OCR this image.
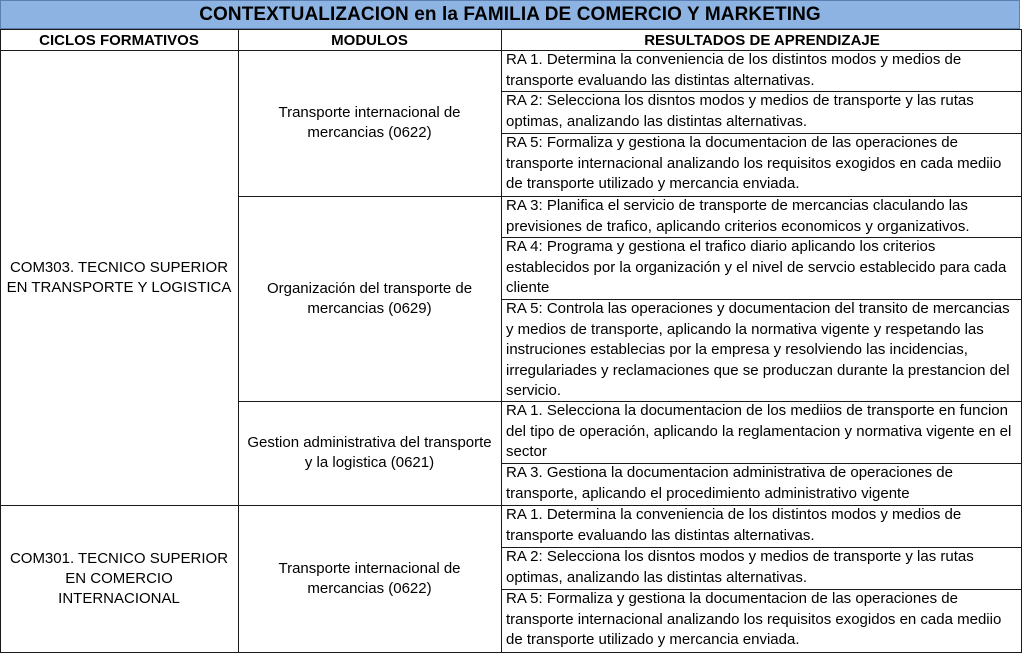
CONTEXTUALIZACION en la FAMILIA DE COMERCIO Y MARKETING
CICLOS FORMATIVOS	MODULOS	RESULTADOS DE APRENDIZAJE
COM303. TECNICO SUPERIOR EN TRANSPORTE Y LOGISTICA
COM301. TECNICO SUPERIOR EN COMERCIO INTERNACIONAL
Transporte internacional de mercancias (0622)
Organización del transporte de mercancias (0629)
Gestion administrativa del transporte y la logistica (0621)
Transporte internacional de mercancias (0622)
RA 1. Determina la conveniencia de los distintos modos y medios de transporte evaluando las distintas alternativas.
RA 2: Selecciona los disntos modos y medios de transporte y las rutas optimas, analizando las distintas alternativas.
RA 5: Formaliza y gestiona la documentacion de las operaciones de transporte internacional analizando los requisitos exogidos en cada mediio de transporte utilizado y mercancia enviada.
RA 3: Planifica el servicio de transporte de mercancias claculando las previsiones de trafico, aplicando criterios economicos y organizativos.
RA 4: Programa y gestiona el trafico diario aplicando los criterios establecidos por la organización y el nivel de servcio establecido para cada cliente
RA 5: Controla las operaciones y documentacion del transito de mercancias y medios de transporte, aplicando la normativa vigente y respetando las instruciones establecias por la empresa y resolviendo las incidencias, irregulariades y reclamaciones que se produczan durante la prestancion del servicio.
RA 1. Selecciona la documentacion de los mediios de transporte en funcion del tipo de operación, aplicando la reglamentacion y normativa vigente en el sector
RA 3. Gestiona la documentacion administrativa de operaciones de transporte, aplicando el procedimiento administrativo vigente
RA 1. Determina la conveniencia de los distintos modos y medios de transporte evaluando las distintas alternativas.
RA 2: Selecciona los disntos modos y medios de transporte y las rutas optimas, analizando las distintas alternativas.
RA 5: Formaliza y gestiona la documentacion de las operaciones de transporte internacional analizando los requisitos exogidos en cada mediio de transporte utilizado y mercancia enviada.
